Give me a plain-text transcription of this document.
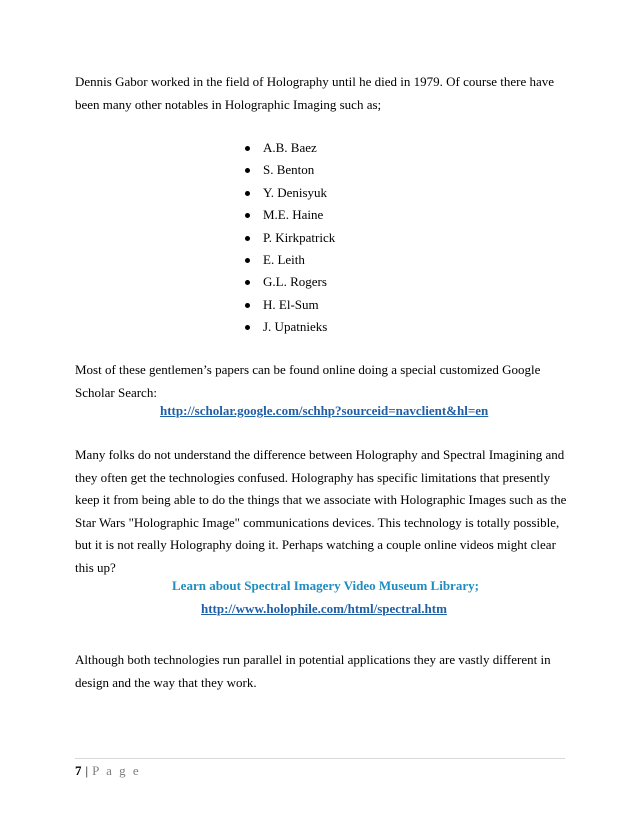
Dennis Gabor worked in the field of Holography until he died in 1979. Of course there have been many other notables in Holographic Imaging such as;

A.B. Baez
S. Benton
Y. Denisyuk
M.E. Haine
P. Kirkpatrick
E. Leith
G.L. Rogers
H. El-Sum
J. Upatnieks

Most of these gentlemen’s papers can be found online doing a special customized Google Scholar Search:

http://scholar.google.com/schhp?sourceid=navclient&hl=en

Many folks do not understand the difference between Holography and Spectral Imagining and they often get the technologies confused. Holography has specific limitations that presently keep it from being able to do the things that we associate with Holographic Images such as the Star Wars "Holographic Image" communications devices. This technology is totally possible, but it is not really Holography doing it. Perhaps watching a couple online videos might clear this up?

Learn about Spectral Imagery Video Museum Library;
http://www.holophile.com/html/spectral.htm

Although both technologies run parallel in potential applications they are vastly different in design and the way that they work.

7 | P a g e
